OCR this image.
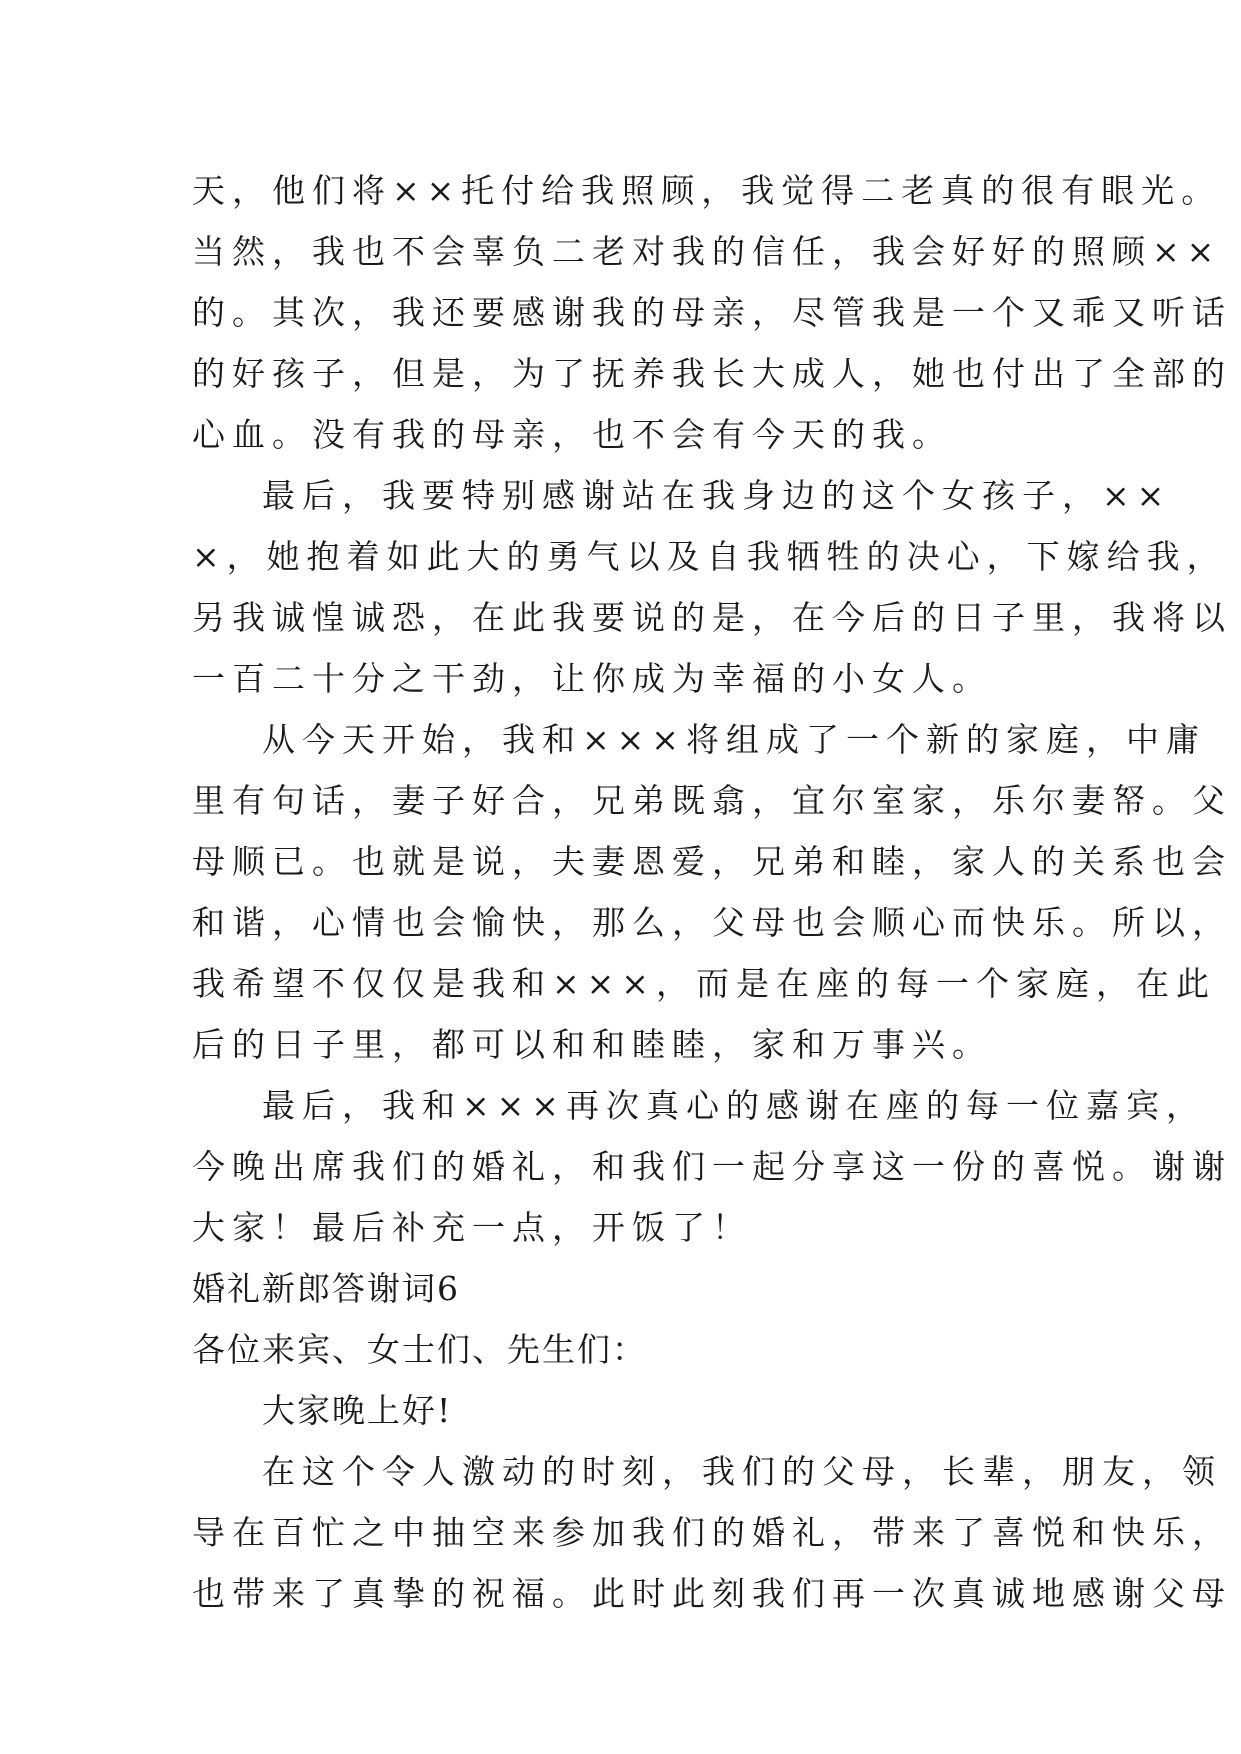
天，他们将××托付给我照顾，我觉得二老真的很有眼光。
当然，我也不会辜负二老对我的信任，我会好好的照顾××
的。其次，我还要感谢我的母亲，尽管我是一个又乖又听话
的好孩子，但是，为了抚养我长大成人，她也付出了全部的
心血。没有我的母亲，也不会有今天的我。
最后，我要特别感谢站在我身边的这个女孩子，××
×，她抱着如此大的勇气以及自我牺牲的决心，下嫁给我，
另我诚惶诚恐，在此我要说的是，在今后的日子里，我将以
一百二十分之干劲，让你成为幸福的小女人。
从今天开始，我和×××将组成了一个新的家庭，中庸
里有句话，妻子好合，兄弟既翕，宜尔室家，乐尔妻帑。父
母顺已。也就是说，夫妻恩爱，兄弟和睦，家人的关系也会
和谐，心情也会愉快，那么，父母也会顺心而快乐。所以，
我希望不仅仅是我和×××，而是在座的每一个家庭，在此
后的日子里，都可以和和睦睦，家和万事兴。
最后，我和×××再次真心的感谢在座的每一位嘉宾，
今晚出席我们的婚礼，和我们一起分享这一份的喜悦。谢谢
大家！最后补充一点，开饭了！
婚礼新郎答谢词6
各位来宾、女士们、先生们：
大家晚上好!
在这个令人激动的时刻，我们的父母，长辈，朋友，领
导在百忙之中抽空来参加我们的婚礼，带来了喜悦和快乐，
也带来了真挚的祝福。此时此刻我们再一次真诚地感谢父母
